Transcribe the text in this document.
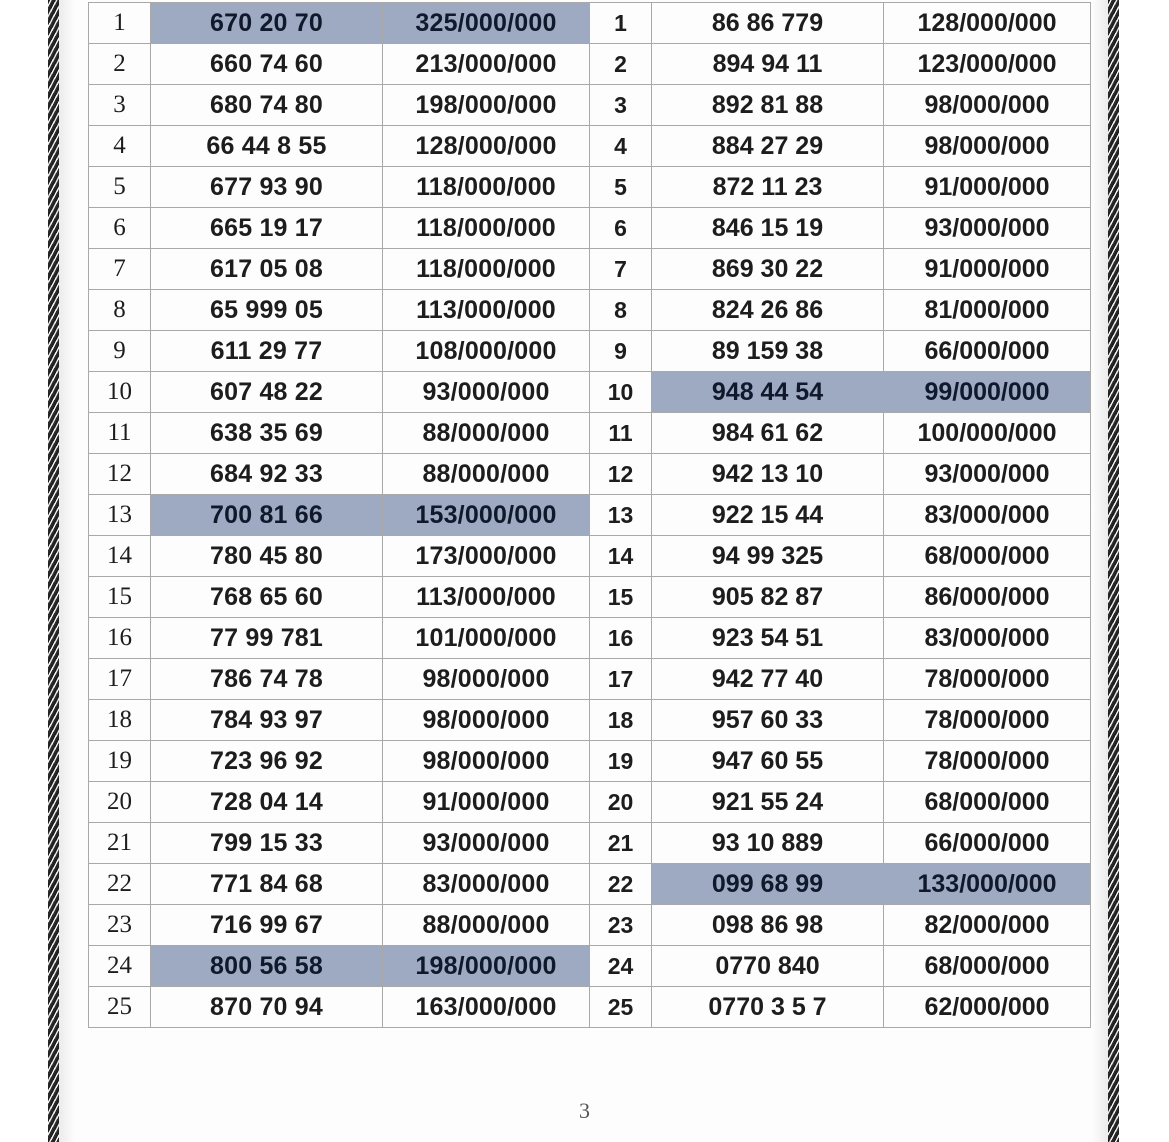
1	670 20 70	325/000/000	1	86 86 779	128/000/000
2	660 74 60	213/000/000	2	894 94 11	123/000/000
3	680 74 80	198/000/000	3	892 81 88	98/000/000
4	66 44 8 55	128/000/000	4	884 27 29	98/000/000
5	677 93 90	118/000/000	5	872 11 23	91/000/000
6	665 19 17	118/000/000	6	846 15 19	93/000/000
7	617 05 08	118/000/000	7	869 30 22	91/000/000
8	65 999 05	113/000/000	8	824 26 86	81/000/000
9	611 29 77	108/000/000	9	89 159 38	66/000/000
10	607 48 22	93/000/000	10	948 44 54	99/000/000
11	638 35 69	88/000/000	11	984 61 62	100/000/000
12	684 92 33	88/000/000	12	942 13 10	93/000/000
13	700 81 66	153/000/000	13	922 15 44	83/000/000
14	780 45 80	173/000/000	14	94 99 325	68/000/000
15	768 65 60	113/000/000	15	905 82 87	86/000/000
16	77 99 781	101/000/000	16	923 54 51	83/000/000
17	786 74 78	98/000/000	17	942 77 40	78/000/000
18	784 93 97	98/000/000	18	957 60 33	78/000/000
19	723 96 92	98/000/000	19	947 60 55	78/000/000
20	728 04 14	91/000/000	20	921 55 24	68/000/000
21	799 15 33	93/000/000	21	93 10 889	66/000/000
22	771 84 68	83/000/000	22	099 68 99	133/000/000
23	716 99 67	88/000/000	23	098 86 98	82/000/000
24	800 56 58	198/000/000	24	0770 840	68/000/000
25	870 70 94	163/000/000	25	0770 3 5 7	62/000/000
3
